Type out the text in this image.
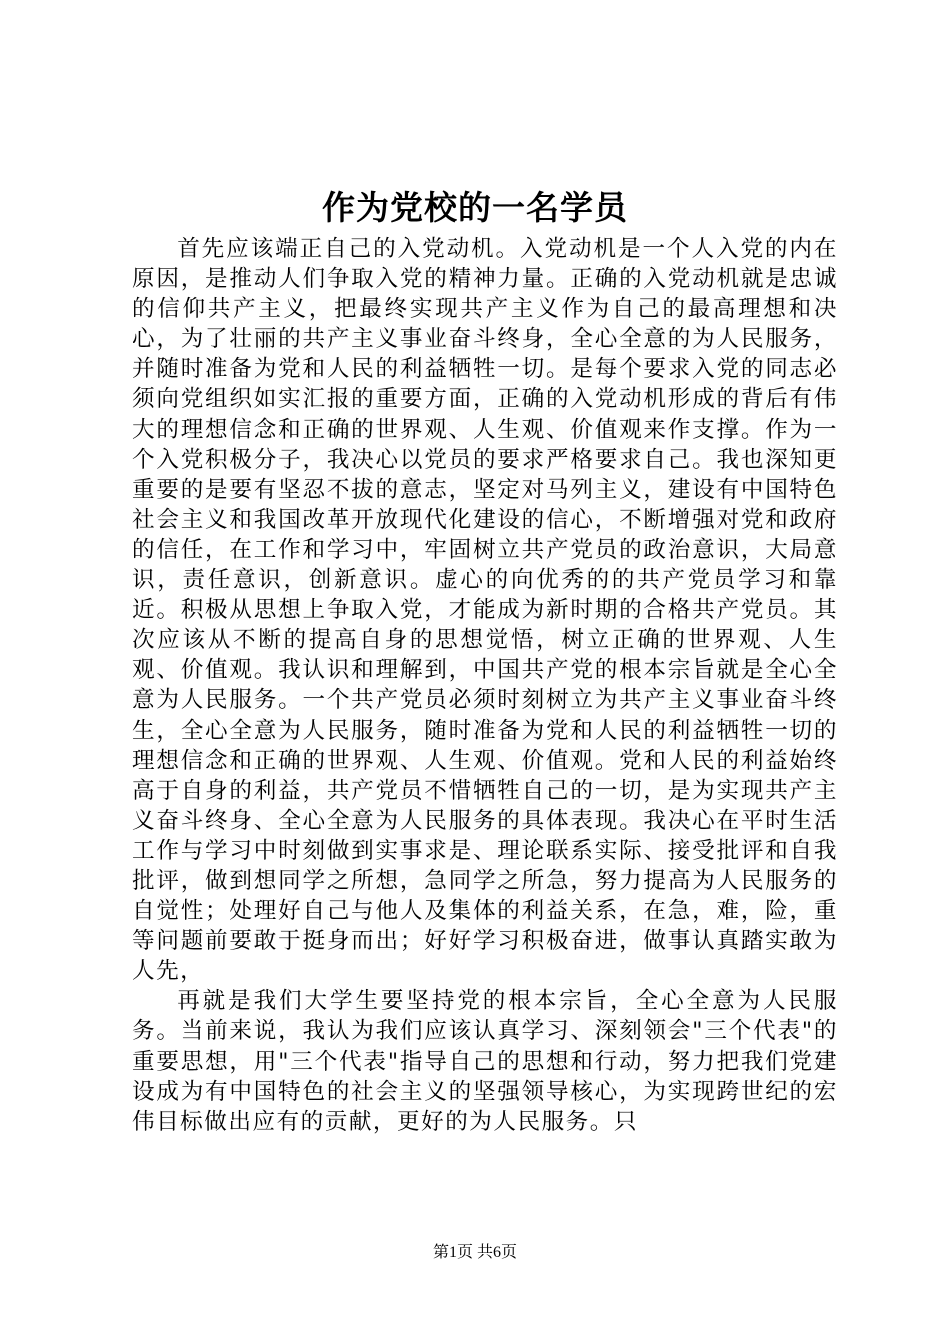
作为党校的一名学员

首先应该端正自己的入党动机。入党动机是一个人入党的内在原因，是推动人们争取入党的精神力量。正确的入党动机就是忠诚的信仰共产主义，把最终实现共产主义作为自己的最高理想和决心，为了壮丽的共产主义事业奋斗终身，全心全意的为人民服务，并随时准备为党和人民的利益牺牲一切。是每个要求入党的同志必须向党组织如实汇报的重要方面，正确的入党动机形成的背后有伟大的理想信念和正确的世界观、人生观、价值观来作支撑。作为一个入党积极分子，我决心以党员的要求严格要求自己。我也深知更重要的是要有坚忍不拔的意志，坚定对马列主义，建设有中国特色社会主义和我国改革开放现代化建设的信心，不断增强对党和政府的信任，在工作和学习中，牢固树立共产党员的政治意识，大局意识，责任意识，创新意识。虚心的向优秀的的共产党员学习和靠近。积极从思想上争取入党，才能成为新时期的合格共产党员。其次应该从不断的提高自身的思想觉悟，树立正确的世界观、人生观、价值观。我认识和理解到，中国共产党的根本宗旨就是全心全意为人民服务。一个共产党员必须时刻树立为共产主义事业奋斗终生，全心全意为人民服务，随时准备为党和人民的利益牺牲一切的理想信念和正确的世界观、人生观、价值观。党和人民的利益始终高于自身的利益，共产党员不惜牺牲自己的一切，是为实现共产主义奋斗终身、全心全意为人民服务的具体表现。我决心在平时生活工作与学习中时刻做到实事求是、理论联系实际、接受批评和自我批评，做到想同学之所想，急同学之所急，努力提高为人民服务的自觉性；处理好自己与他人及集体的利益关系，在急，难，险，重等问题前要敢于挺身而出；好好学习积极奋进，做事认真踏实敢为人先，

再就是我们大学生要坚持党的根本宗旨，全心全意为人民服务。当前来说，我认为我们应该认真学习、深刻领会"三个代表"的重要思想，用"三个代表"指导自己的思想和行动，努力把我们党建设成为有中国特色的社会主义的坚强领导核心，为实现跨世纪的宏伟目标做出应有的贡献，更好的为人民服务。只

第1页 共6页
